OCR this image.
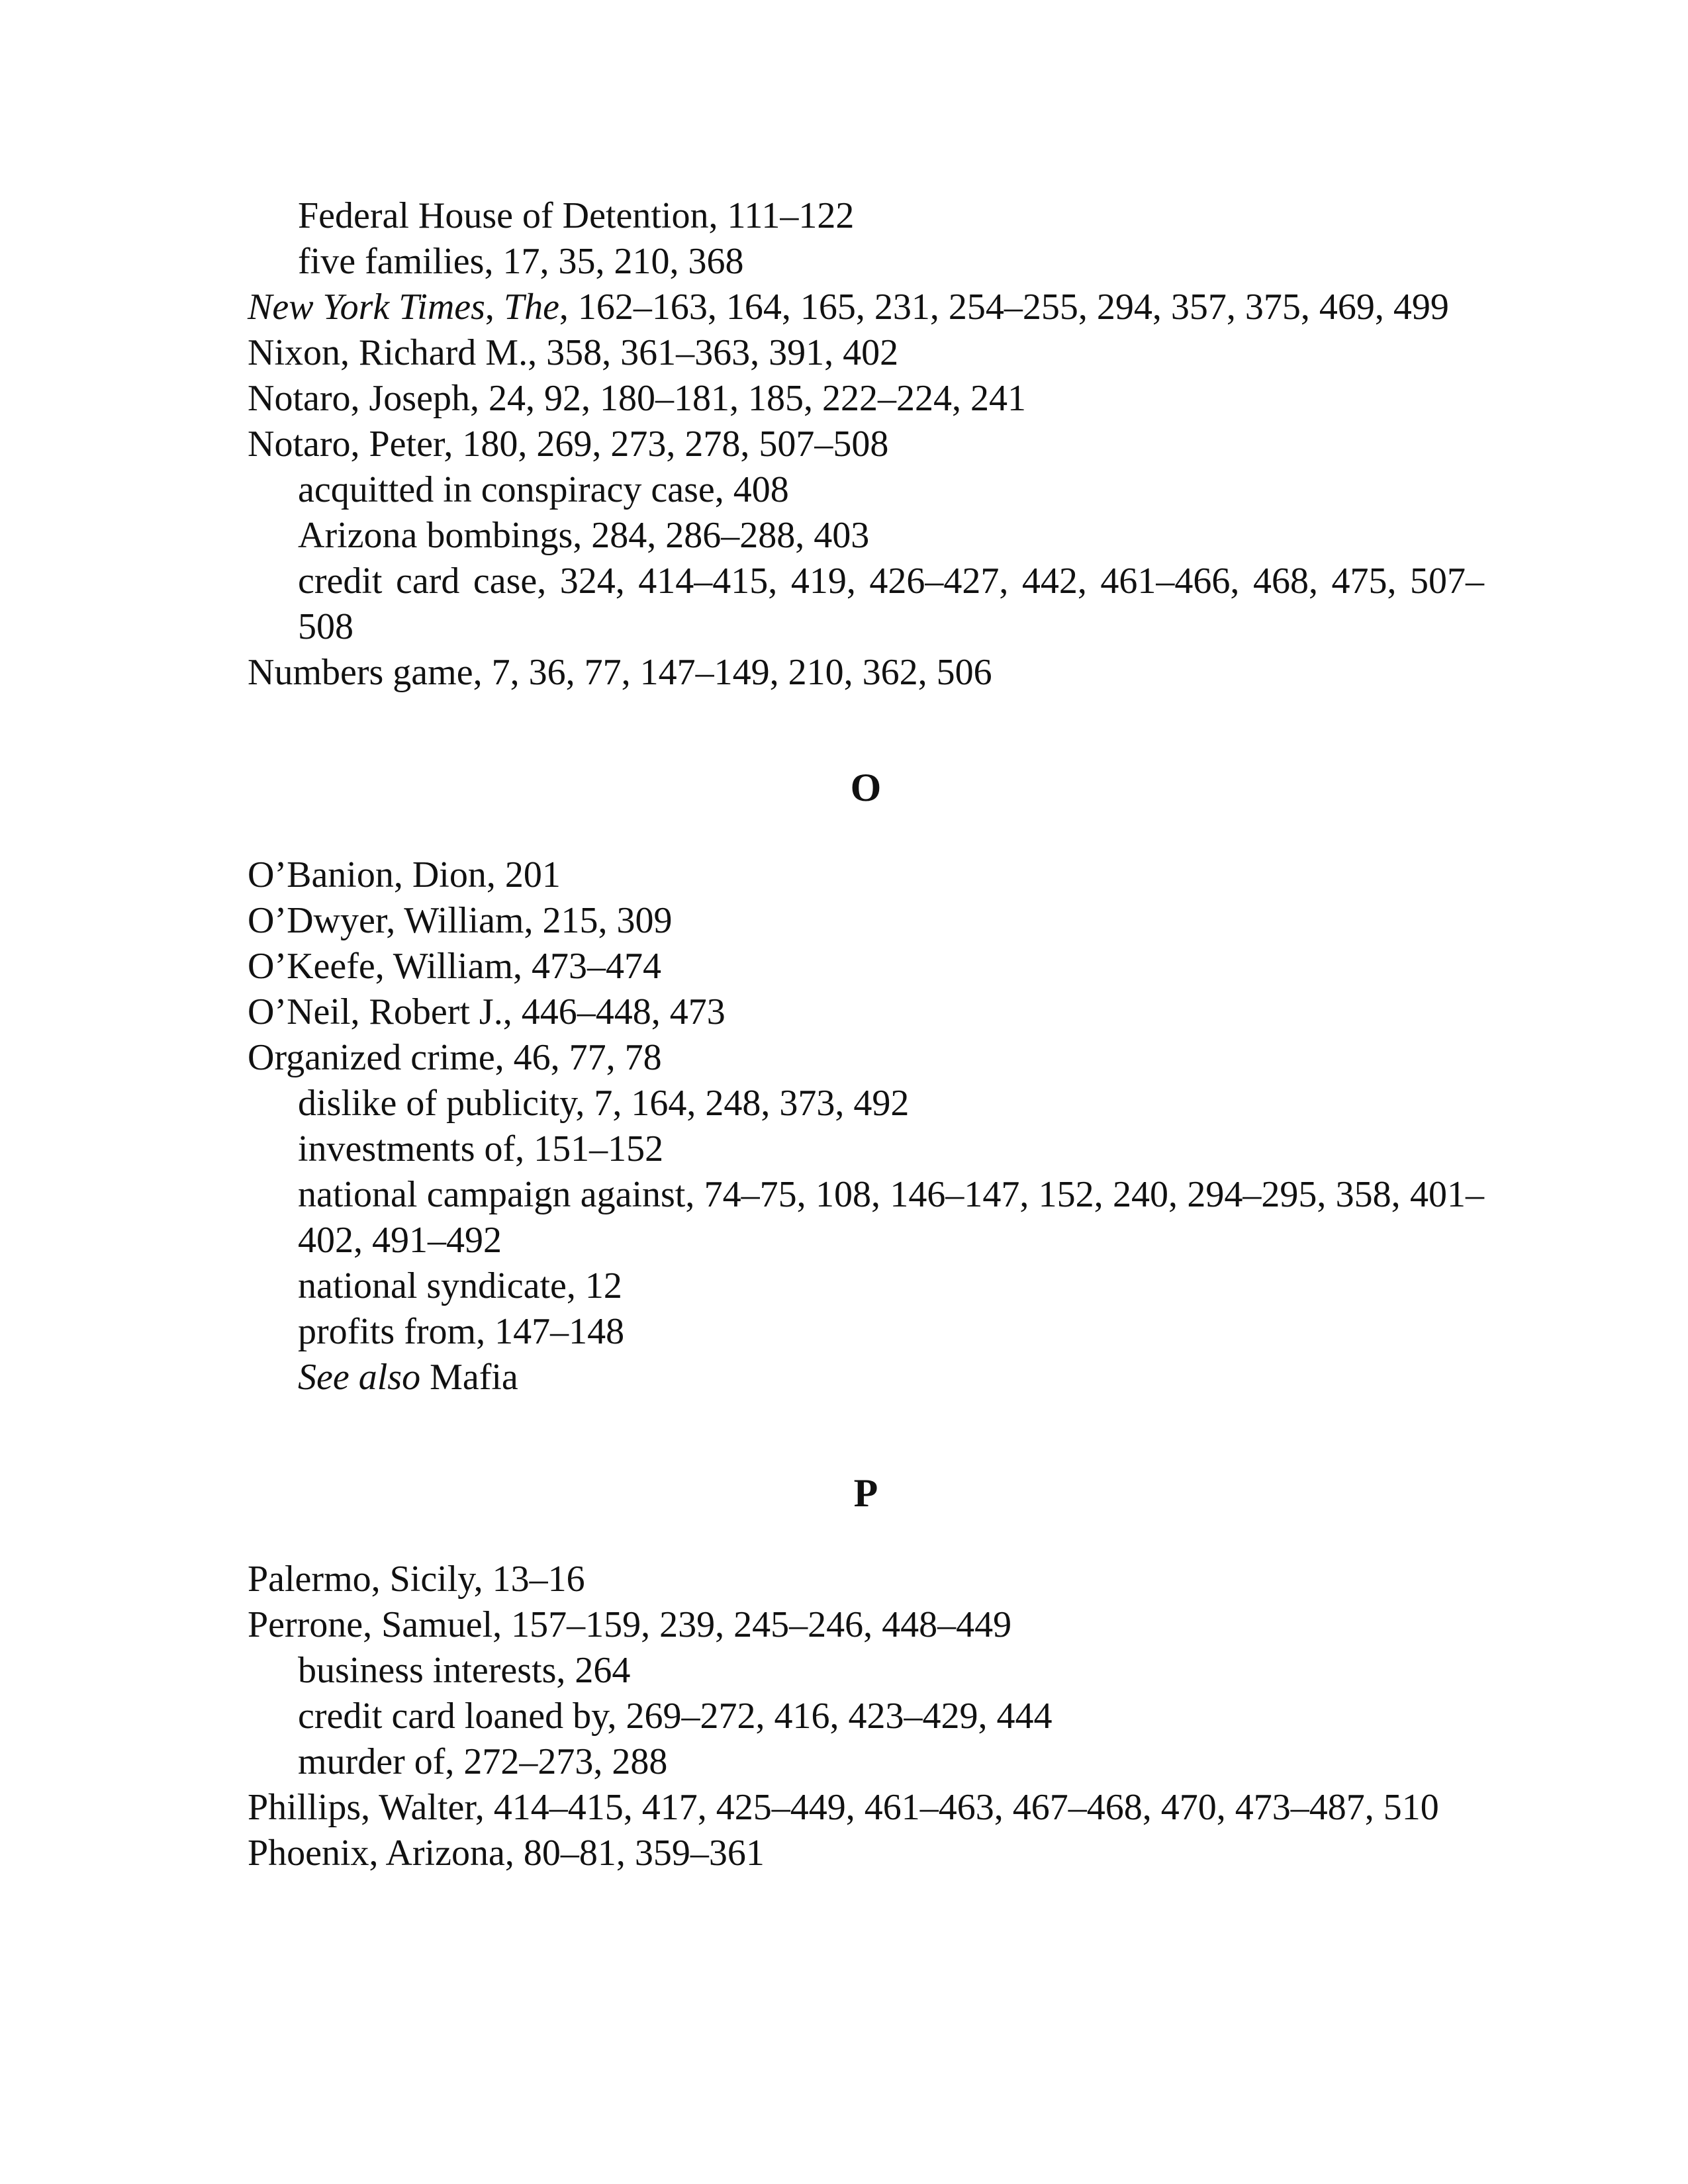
Federal House of Detention, 111–122

five families, 17, 35, 210, 368

New York Times, The, 162–163, 164, 165, 231, 254–255, 294, 357, 375, 469, 499

Nixon, Richard M., 358, 361–363, 391, 402

Notaro, Joseph, 24, 92, 180–181, 185, 222–224, 241

Notaro, Peter, 180, 269, 273, 278, 507–508

acquitted in conspiracy case, 408

Arizona bombings, 284, 286–288, 403

credit card case, 324, 414–415, 419, 426–427, 442, 461–466, 468, 475, 507–508

Numbers game, 7, 36, 77, 147–149, 210, 362, 506

O

O’Banion, Dion, 201

O’Dwyer, William, 215, 309

O’Keefe, William, 473–474

O’Neil, Robert J., 446–448, 473

Organized crime, 46, 77, 78

dislike of publicity, 7, 164, 248, 373, 492

investments of, 151–152

national campaign against, 74–75, 108, 146–147, 152, 240, 294–295, 358, 401–402, 491–492

national syndicate, 12

profits from, 147–148

See also Mafia

P

Palermo, Sicily, 13–16

Perrone, Samuel, 157–159, 239, 245–246, 448–449

business interests, 264

credit card loaned by, 269–272, 416, 423–429, 444

murder of, 272–273, 288

Phillips, Walter, 414–415, 417, 425–449, 461–463, 467–468, 470, 473–487, 510

Phoenix, Arizona, 80–81, 359–361
